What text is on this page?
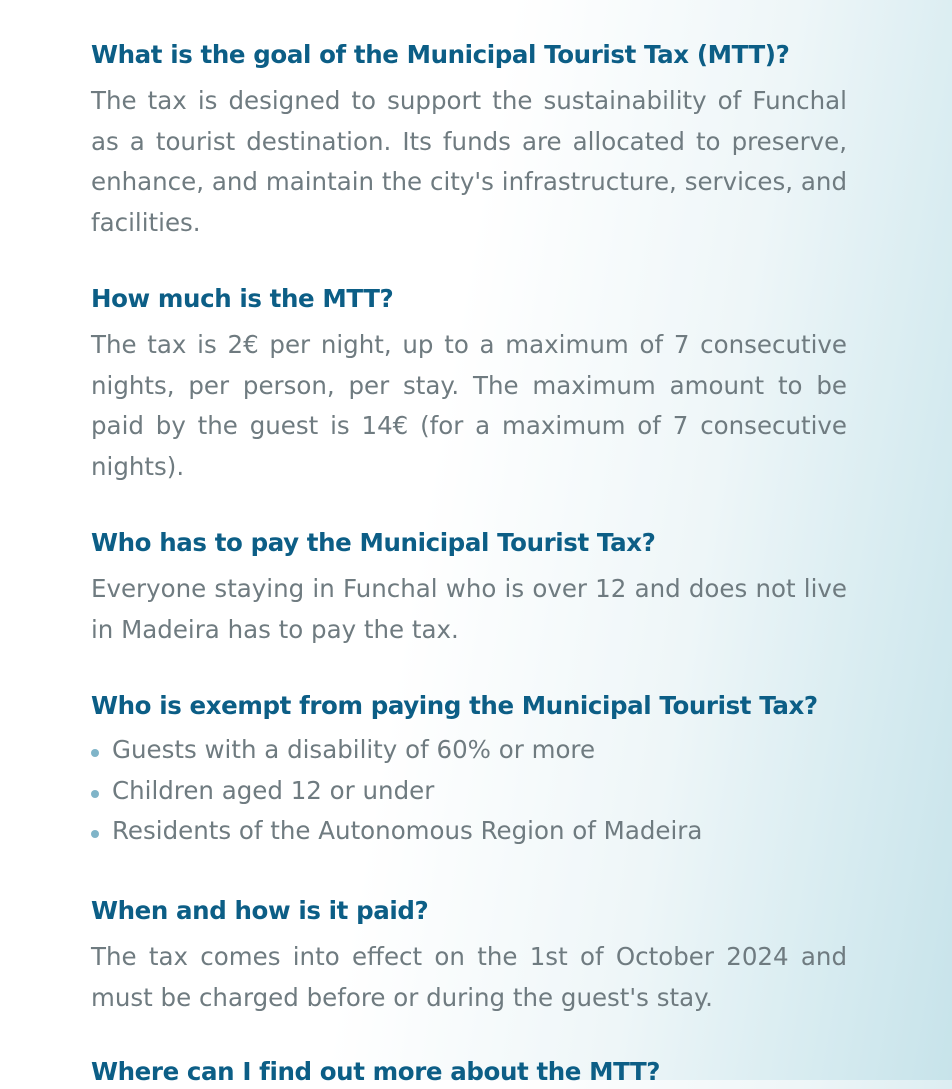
What is the goal of the Municipal Tourist Tax (MTT)?

The tax is designed to support the sustainability of Funchal as a tourist destination. Its funds are allocated to preserve, enhance, and maintain the city's infrastructure, services, and facilities.

How much is the MTT?

The tax is 2€ per night, up to a maximum of 7 consecutive nights, per person, per stay. The maximum amount to be paid by the guest is 14€ (for a maximum of 7 consecutive nights).

Who has to pay the Municipal Tourist Tax?

Everyone staying in Funchal who is over 12 and does not live in Madeira has to pay the tax.

Who is exempt from paying the Municipal Tourist Tax?
Guests with a disability of 60% or more
Children aged 12 or under
Residents of the Autonomous Region of Madeira
When and how is it paid?

The tax comes into effect on the 1st of October 2024 and must be charged before or during the guest's stay.

Where can I find out more about the MTT?
